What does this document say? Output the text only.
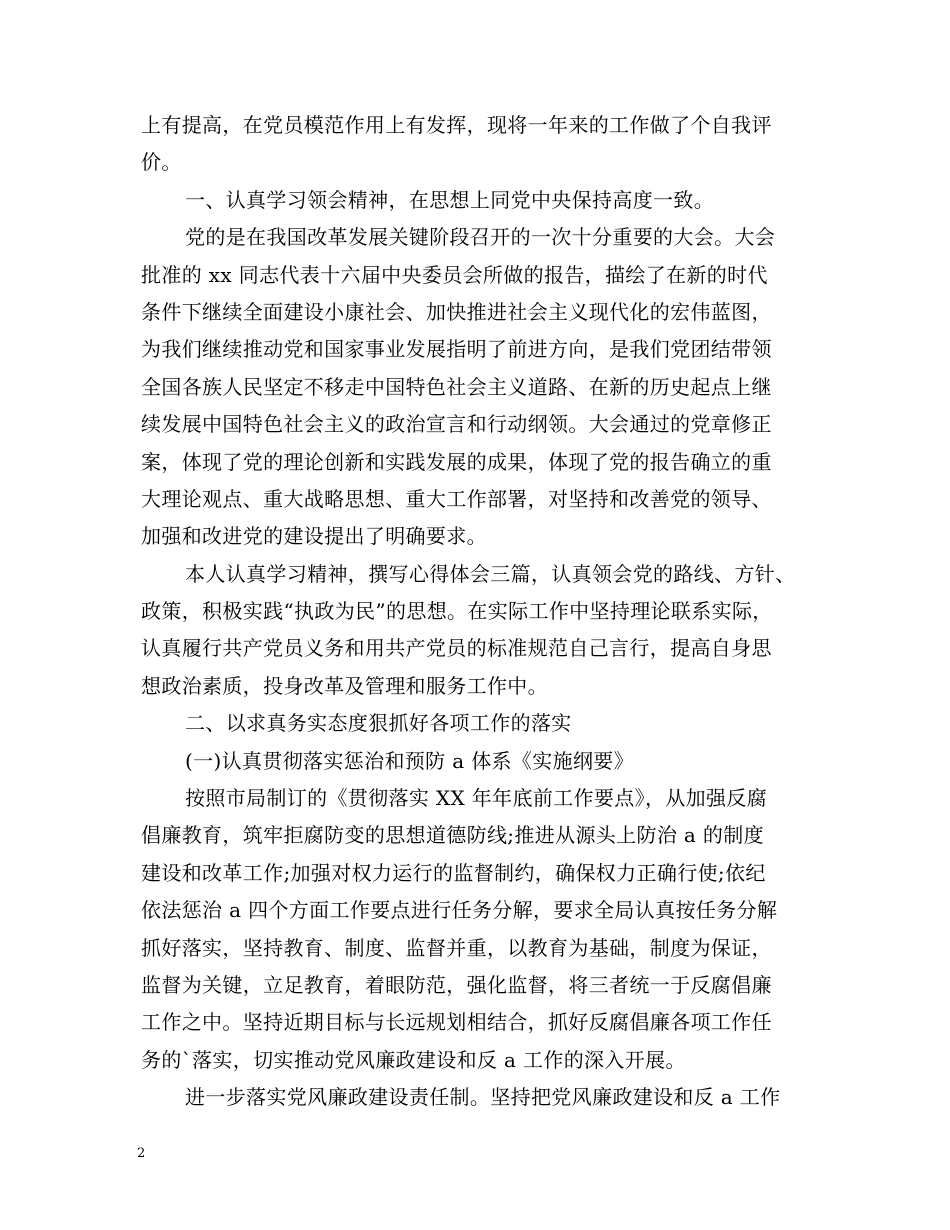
上有提高，在党员模范作用上有发挥，现将一年来的工作做了个自我评
价。
一、认真学习领会精神，在思想上同党中央保持高度一致。
党的是在我国改革发展关键阶段召开的一次十分重要的大会。大会
批准的 xx 同志代表十六届中央委员会所做的报告，描绘了在新的时代
条件下继续全面建设小康社会、加快推进社会主义现代化的宏伟蓝图，
为我们继续推动党和国家事业发展指明了前进方向，是我们党团结带领
全国各族人民坚定不移走中国特色社会主义道路、在新的历史起点上继
续发展中国特色社会主义的政治宣言和行动纲领。大会通过的党章修正
案，体现了党的理论创新和实践发展的成果，体现了党的报告确立的重
大理论观点、重大战略思想、重大工作部署，对坚持和改善党的领导、
加强和改进党的建设提出了明确要求。
本人认真学习精神，撰写心得体会三篇，认真领会党的路线、方针、
政策，积极实践“执政为民”的思想。在实际工作中坚持理论联系实际，
认真履行共产党员义务和用共产党员的标准规范自己言行，提高自身思
想政治素质，投身改革及管理和服务工作中。
二、以求真务实态度狠抓好各项工作的落实
(一)认真贯彻落实惩治和预防 a 体系《实施纲要》
按照市局制订的《贯彻落实 XX 年年底前工作要点》，从加强反腐
倡廉教育，筑牢拒腐防变的思想道德防线;推进从源头上防治 a 的制度
建设和改革工作;加强对权力运行的监督制约，确保权力正确行使;依纪
依法惩治 a 四个方面工作要点进行任务分解，要求全局认真按任务分解
抓好落实，坚持教育、制度、监督并重，以教育为基础，制度为保证，
监督为关键，立足教育，着眼防范，强化监督，将三者统一于反腐倡廉
工作之中。坚持近期目标与长远规划相结合，抓好反腐倡廉各项工作任
务的`落实，切实推动党风廉政建设和反 a 工作的深入开展。
进一步落实党风廉政建设责任制。坚持把党风廉政建设和反 a 工作
2
